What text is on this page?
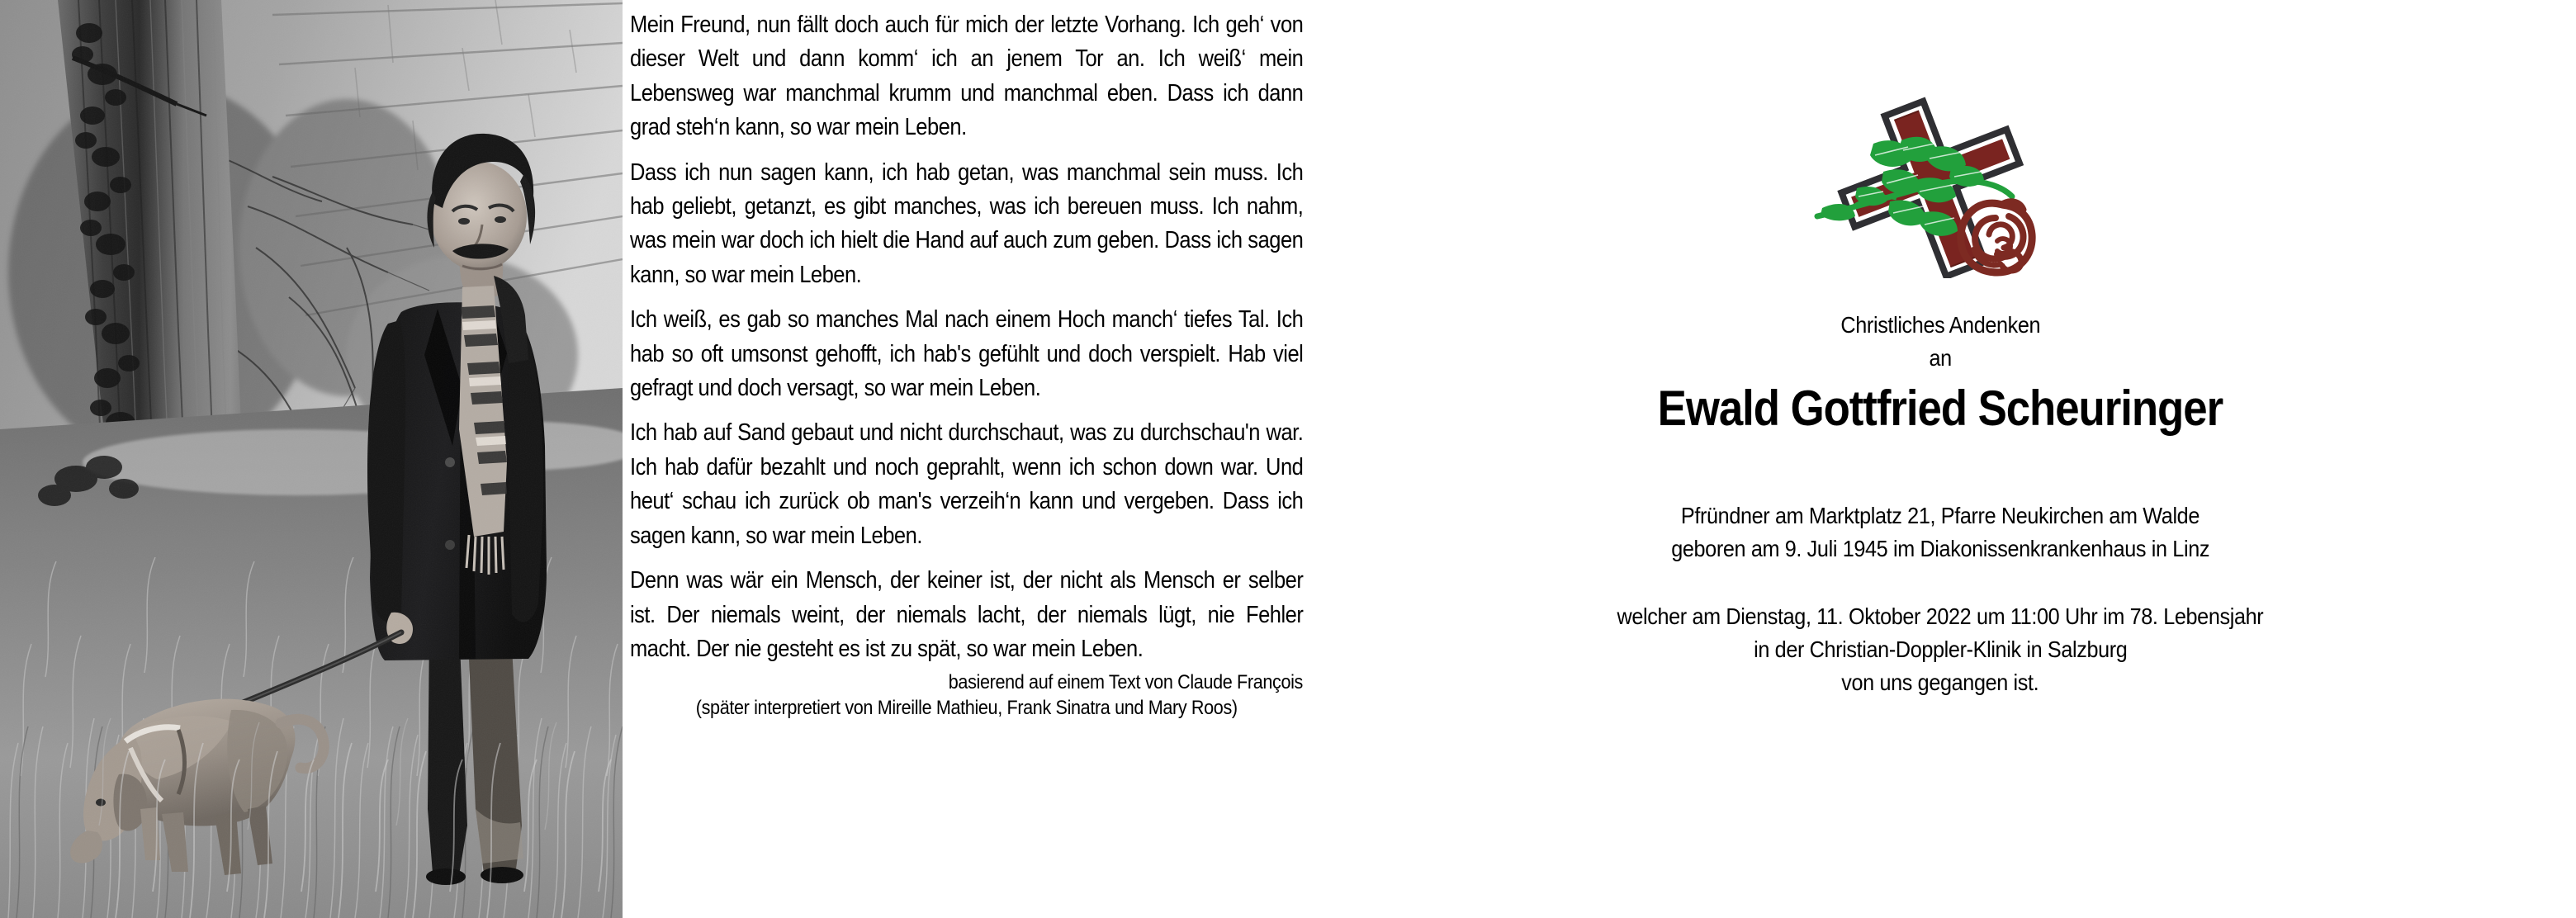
Mein Freund, nun fällt doch auch für mich der letzte Vorhang. Ich geh‘ von dieser Welt und dann komm‘ ich an jenem Tor an. Ich weiß‘ mein Lebensweg war manchmal krumm und manchmal eben. Dass ich dann grad steh‘n kann, so war mein Leben.

Dass ich nun sagen kann, ich hab getan, was manchmal sein muss. Ich hab geliebt, getanzt, es gibt manches, was ich bereuen muss. Ich nahm, was mein war doch ich hielt die Hand auf auch zum geben. Dass ich sagen kann, so war mein Leben.

Ich weiß, es gab so manches Mal nach einem Hoch manch‘ tiefes Tal. Ich hab so oft umsonst gehofft, ich hab's gefühlt und doch verspielt. Hab viel gefragt und doch versagt, so war mein Leben.

Ich hab auf Sand gebaut und nicht durchschaut, was zu durchschau'n war. Ich hab dafür bezahlt und noch geprahlt, wenn ich schon down war. Und heut‘ schau ich zurück ob man's verzeih‘n kann und vergeben. Dass ich sagen kann, so war mein Leben.

Denn was wär ein Mensch, der keiner ist, der nicht als Mensch er selber ist. Der niemals weint, der niemals lacht, der niemals lügt, nie Fehler macht. Der nie gesteht es ist zu spät, so war mein Leben.

basierend auf einem Text von Claude François
(später interpretiert von Mireille Mathieu, Frank Sinatra und Mary Roos)
Christliches Andenken
an
Ewald Gottfried Scheuringer
Pfründner am Marktplatz 21, Pfarre Neukirchen am Walde
geboren am 9. Juli 1945 im Diakonissenkrankenhaus in Linz
welcher am Dienstag, 11. Oktober 2022 um 11:00 Uhr im 78. Lebensjahr
in der Christian-Doppler-Klinik in Salzburg
von uns gegangen ist.
